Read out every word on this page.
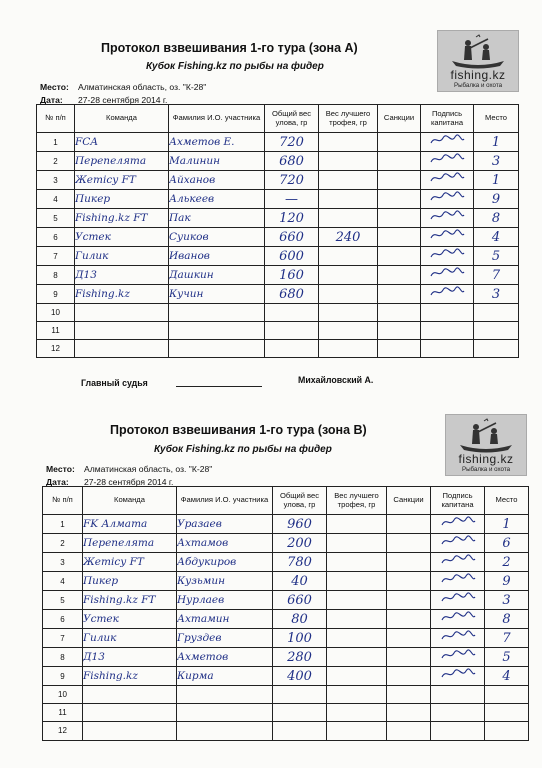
Протокол взвешивания 1-го тура (зона А)
Кубок Fishing.kz по рыбы на фидер
Место: Алматинская область, оз. "К-28"
Дата: 27-28 сентября 2014 г.
fishing.kz
Рыбалка и охота
№ п/п	Команда	Фамилия И.О. участника	Общий вес улова, гр	Вес лучшего трофея, гр	Санкции	Подпись капитана	Место
1	FCA	Ахметов Е.	720				1
2	Перепелята	Малинин	680				3
3	Жетісу FT	Айханов	720				1
4	Пикер	Алькеев	—				9
5	Fishing.kz FT	Пак	120				8
6	Устек	Суиков	660	240			4
7	Гилик	Иванов	600				5
8	Д13	Дашкин	160				7
9	Fishing.kz	Кучин	680				3
10							
11							
12							
Главный судья	Михайловский А.
Протокол взвешивания 1-го тура (зона В)
Кубок Fishing.kz по рыбы на фидер
Место: Алматинская область, оз. "К-28"
Дата: 27-28 сентября 2014 г.
fishing.kz
Рыбалка и охота
№ п/п	Команда	Фамилия И.О. участника	Общий вес улова, гр	Вес лучшего трофея, гр	Санкции	Подпись капитана	Место
1	FK Алмата	Уразаев	960				1
2	Перепелята	Ахтамов	200				6
3	Жетісу FT	Абдукиров	780				2
4	Пикер	Кузьмин	40				9
5	Fishing.kz FT	Нурлаев	660				3
6	Устек	Ахтамин	80				8
7	Гилик	Груздев	100				7
8	Д13	Ахметов	280				5
9	Fishing.kz	Кирма	400				4
10							
11							
12							
